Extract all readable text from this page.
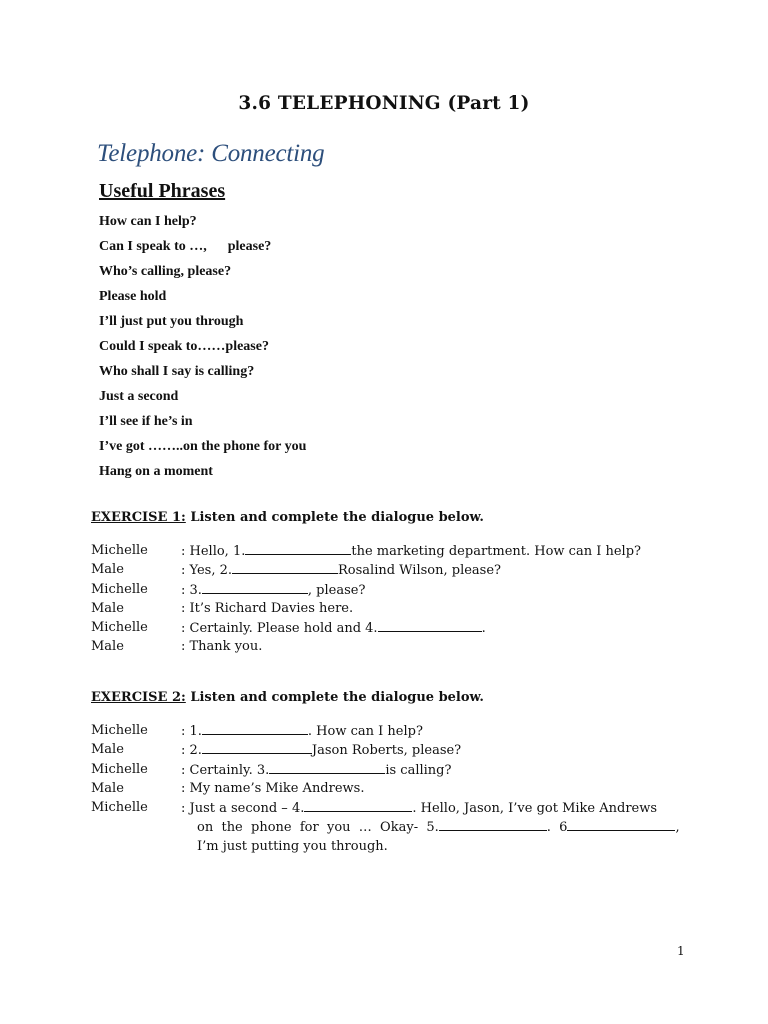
3.6 TELEPHONING (Part 1)
Telephone: Connecting
Useful Phrases
How can I help?
Can I speak to …,      please?
Who’s calling, please?
Please hold
I’ll just put you through
Could I speak to……please?
Who shall I say is calling?
Just a second
I’ll see if he’s in
I’ve got ……..on the phone for you
Hang on a moment
EXERCISE 1: Listen and complete the dialogue below.
Michelle	: Hello, 1.	the marketing department. How can I help?
Male	: Yes, 2.	Rosalind Wilson, please?
Michelle	: 3.	, please?
Male	: It’s Richard Davies here.
Michelle	: Certainly. Please hold and 4.	.
Male	: Thank you.
EXERCISE 2: Listen and complete the dialogue below.
Michelle	: 1.	. How can I help?
Male	: 2.	Jason Roberts, please?
Michelle	: Certainly. 3.	is calling?
Male	: My name’s Mike Andrews.
Michelle	: Just a second – 4.	. Hello, Jason, I’ve got Mike Andrews
on  the  phone  for  you  …  Okay-  5.	.  6	,
I’m just putting you through.
1
